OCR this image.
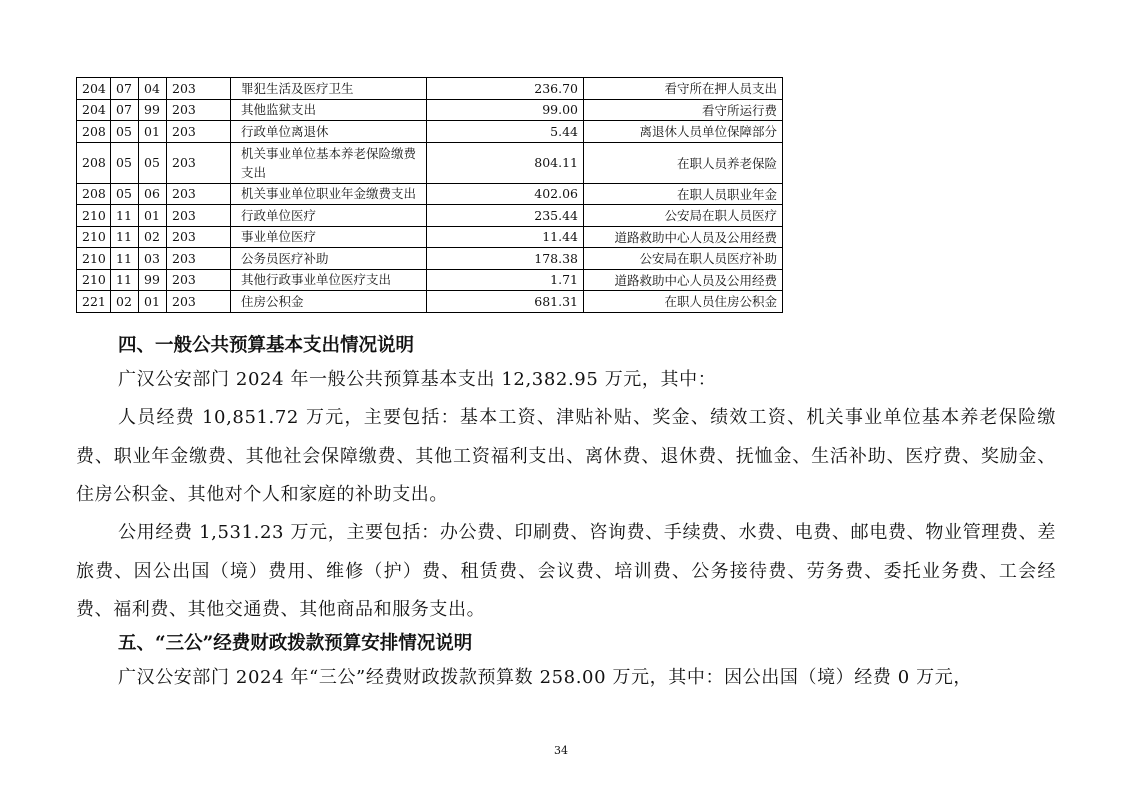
204	07	04	203	罪犯生活及医疗卫生	236.70	看守所在押人员支出
204	07	99	203	其他监狱支出	99.00	看守所运行费
208	05	01	203	行政单位离退休	5.44	离退休人员单位保障部分
208	05	05	203	机关事业单位基本养老保险缴费支出	804.11	在职人员养老保险
208	05	06	203	机关事业单位职业年金缴费支出	402.06	在职人员职业年金
210	11	01	203	行政单位医疗	235.44	公安局在职人员医疗
210	11	02	203	事业单位医疗	11.44	道路救助中心人员及公用经费
210	11	03	203	公务员医疗补助	178.38	公安局在职人员医疗补助
210	11	99	203	其他行政事业单位医疗支出	1.71	道路救助中心人员及公用经费
221	02	01	203	住房公积金	681.31	在职人员住房公积金

四、一般公共预算基本支出情况说明

广汉公安部门 2024 年一般公共预算基本支出 12,382.95 万元，其中：

人员经费 10,851.72 万元，主要包括：基本工资、津贴补贴、奖金、绩效工资、机关事业单位基本养老保险缴费、职业年金缴费、其他社会保障缴费、其他工资福利支出、离休费、退休费、抚恤金、生活补助、医疗费、奖励金、住房公积金、其他对个人和家庭的补助支出。

公用经费 1,531.23 万元，主要包括：办公费、印刷费、咨询费、手续费、水费、电费、邮电费、物业管理费、差旅费、因公出国（境）费用、维修（护）费、租赁费、会议费、培训费、公务接待费、劳务费、委托业务费、工会经费、福利费、其他交通费、其他商品和服务支出。

五、“三公”经费财政拨款预算安排情况说明

广汉公安部门 2024 年“三公”经费财政拨款预算数 258.00 万元，其中：因公出国（境）经费 0 万元，

34
